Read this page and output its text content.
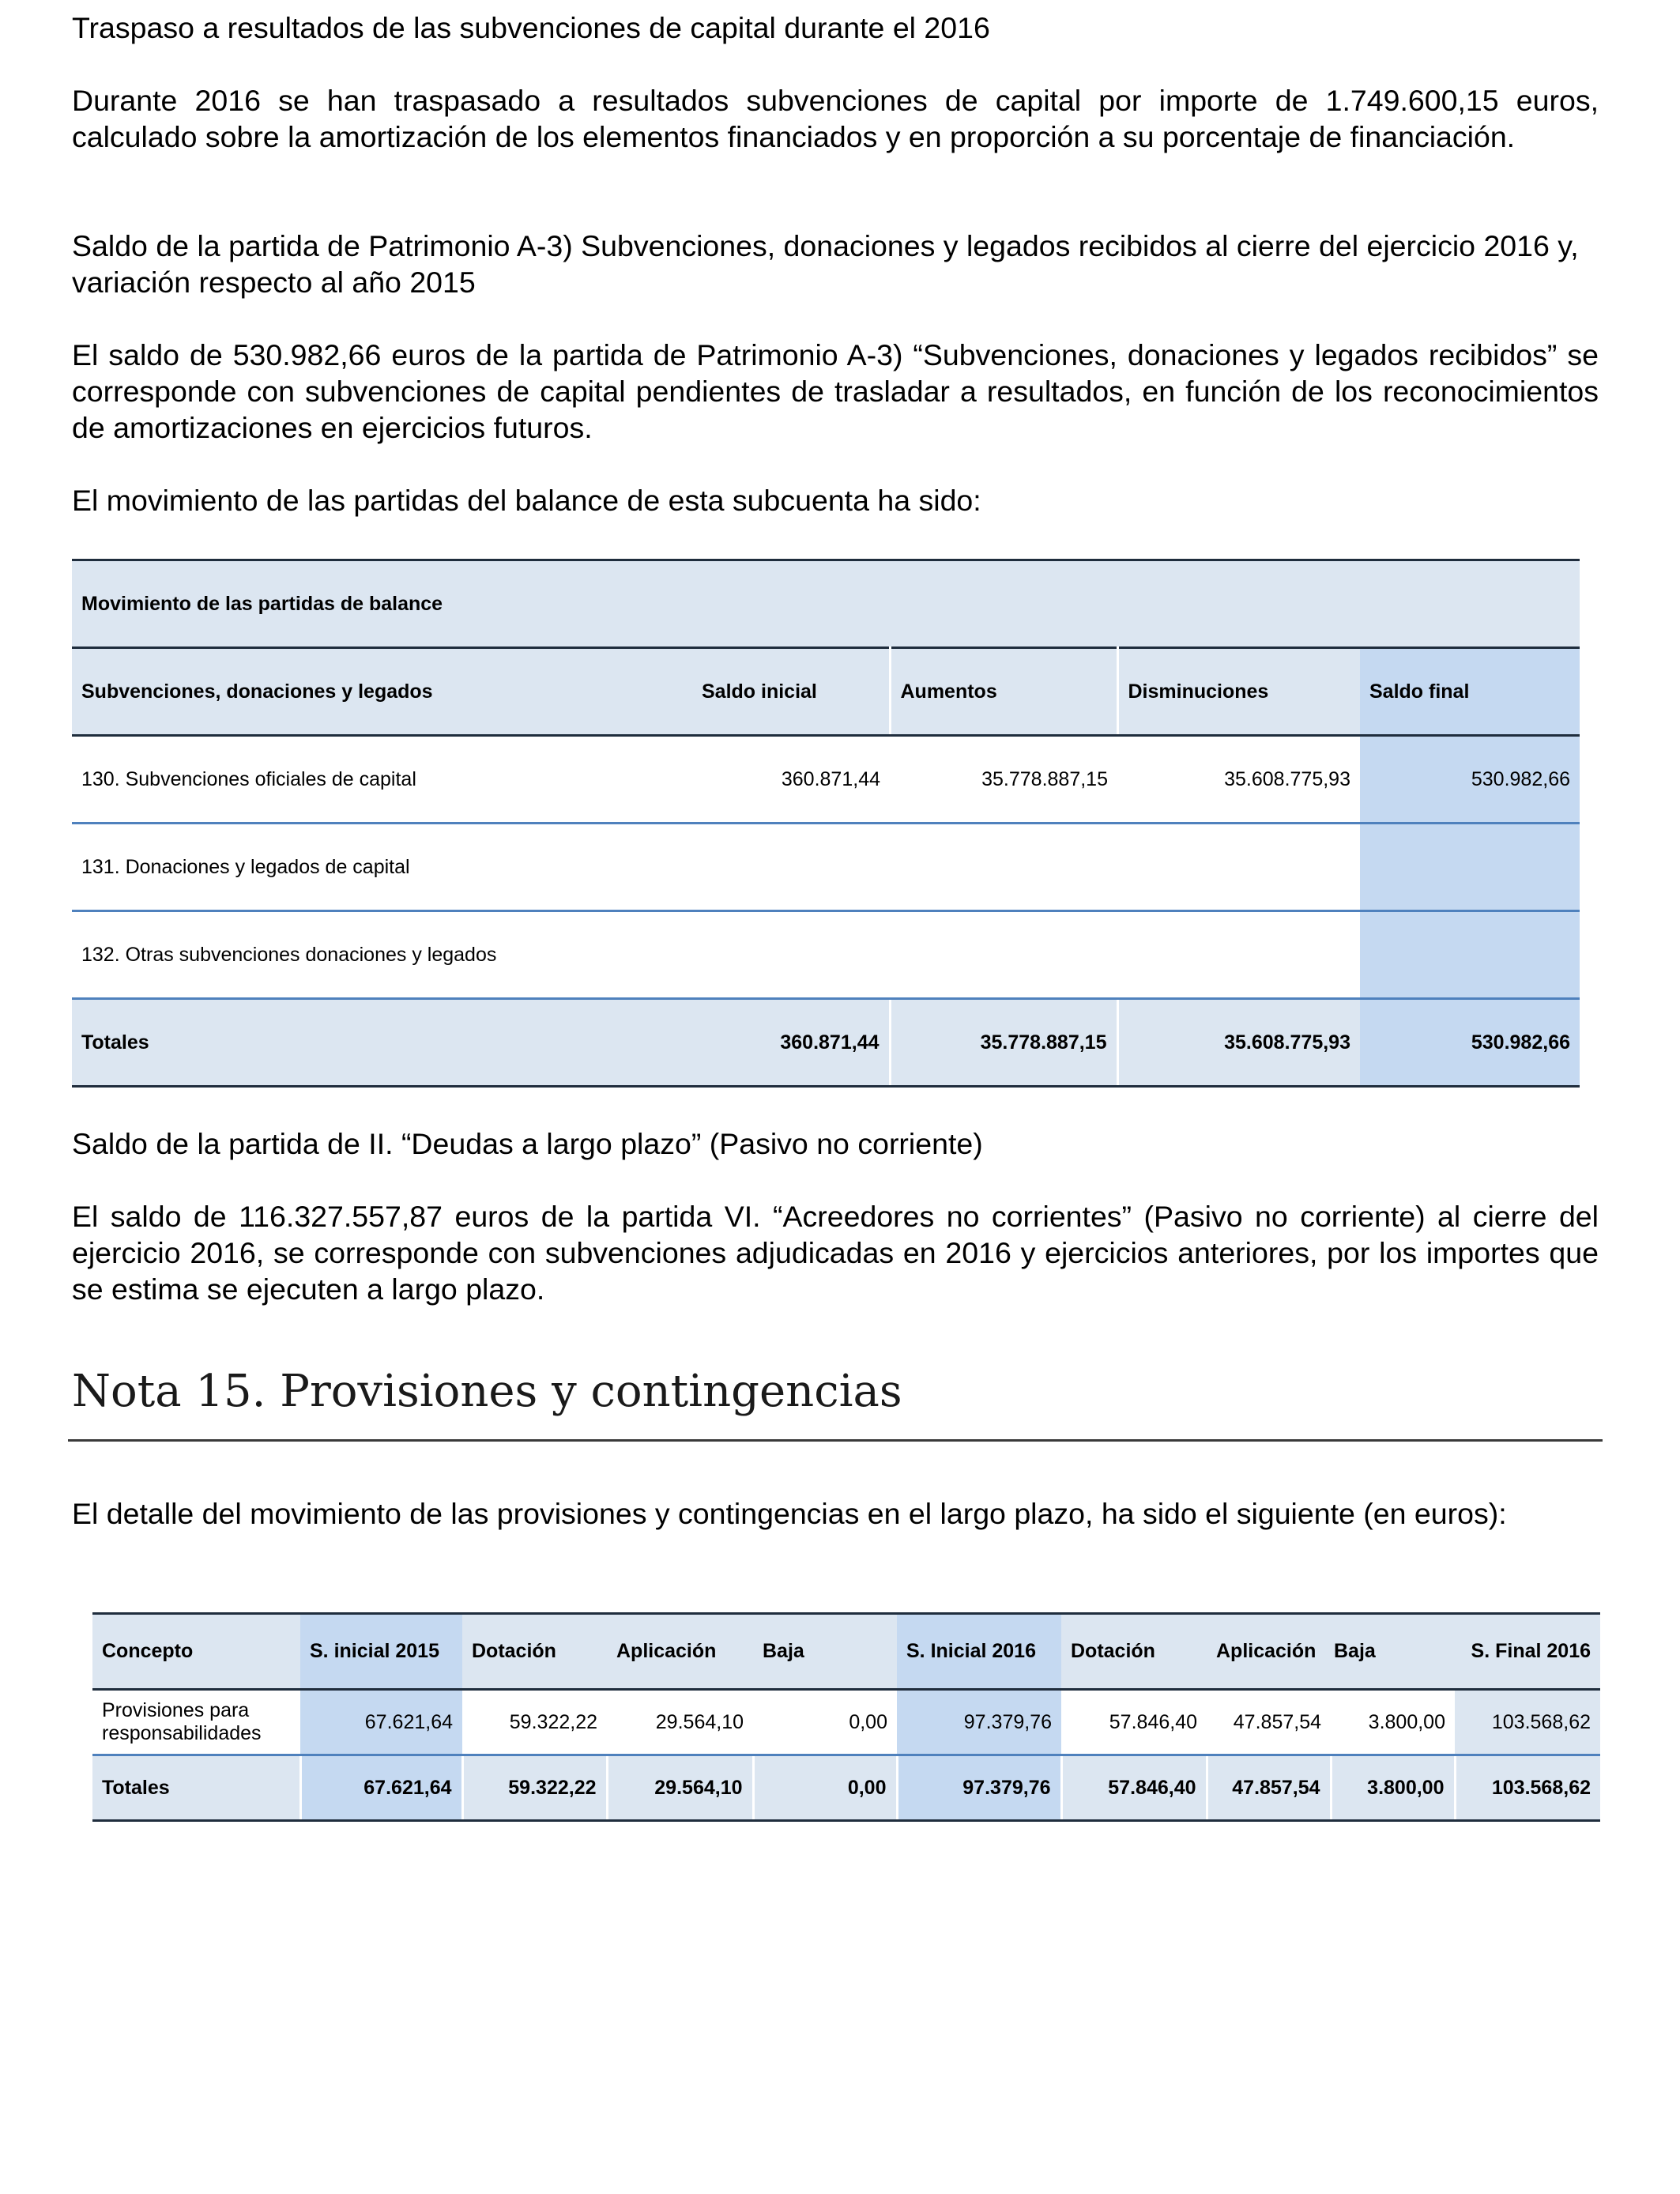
Traspaso a resultados de las subvenciones de capital durante el 2016

Durante 2016 se han traspasado a resultados subvenciones de capital por importe de 1.749.600,15 euros, calculado sobre la amortización de los elementos financiados y en proporción a su porcentaje de financiación.

Saldo de la partida de Patrimonio A-3) Subvenciones, donaciones y legados recibidos al cierre del ejercicio 2016 y, variación respecto al año 2015

El saldo de 530.982,66 euros de la partida de Patrimonio A-3) “Subvenciones, donaciones y legados recibidos” se corresponde con subvenciones de capital pendientes de trasladar a resultados, en función de los reconocimientos de amortizaciones en ejercicios futuros.

El movimiento de las partidas del balance de esta subcuenta ha sido:

Movimiento de las partidas de balance				
Subvenciones, donaciones y legados	Saldo inicial	Aumentos	Disminuciones	Saldo final
130. Subvenciones oficiales de capital	360.871,44	35.778.887,15	35.608.775,93	530.982,66
131. Donaciones y legados de capital				
132. Otras subvenciones donaciones y legados				
Totales	360.871,44	35.778.887,15	35.608.775,93	530.982,66

Saldo de la partida de II. “Deudas a largo plazo” (Pasivo no corriente)

El saldo de 116.327.557,87 euros de la partida VI. “Acreedores no corrientes” (Pasivo no corriente) al cierre del ejercicio 2016, se corresponde con subvenciones adjudicadas en 2016 y ejercicios anteriores, por los importes que se estima se ejecuten a largo plazo.

Nota 15. Provisiones y contingencias

El detalle del movimiento de las provisiones y contingencias en el largo plazo, ha sido el siguiente (en euros):

Concepto	S. inicial 2015	Dotación	Aplicación	Baja	S. Inicial 2016	Dotación	Aplicación	Baja	S. Final 2016
Provisiones para responsabilidades	67.621,64	59.322,22	29.564,10	0,00	97.379,76	57.846,40	47.857,54	3.800,00	103.568,62
Totales	67.621,64	59.322,22	29.564,10	0,00	97.379,76	57.846,40	47.857,54	3.800,00	103.568,62
